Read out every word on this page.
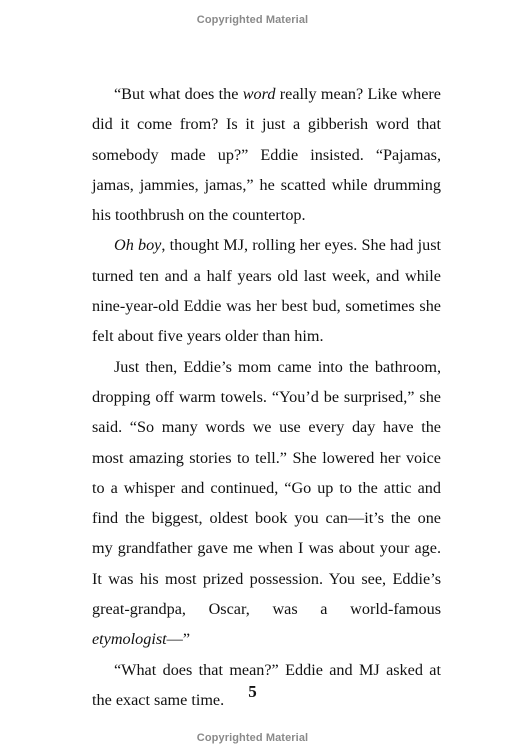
Copyrighted Material

“But what does the word really mean? Like where did it come from? Is it just a gibberish word that somebody made up?” Eddie insisted. “Pajamas, jamas, jammies, jamas,” he scatted while drumming his toothbrush on the countertop.

Oh boy, thought MJ, rolling her eyes. She had just turned ten and a half years old last week, and while nine-year-old Eddie was her best bud, sometimes she felt about five years older than him.

Just then, Eddie’s mom came into the bathroom, dropping off warm towels. “You’d be surprised,” she said. “So many words we use every day have the most amazing stories to tell.” She lowered her voice to a whisper and continued, “Go up to the attic and find the biggest, oldest book you can—it’s the one my grandfather gave me when I was about your age. It was his most prized possession. You see, Eddie’s great-grandpa, Oscar, was a world-famous etymologist—”

“What does that mean?” Eddie and MJ asked at the exact same time.	5
Copyrighted Material
